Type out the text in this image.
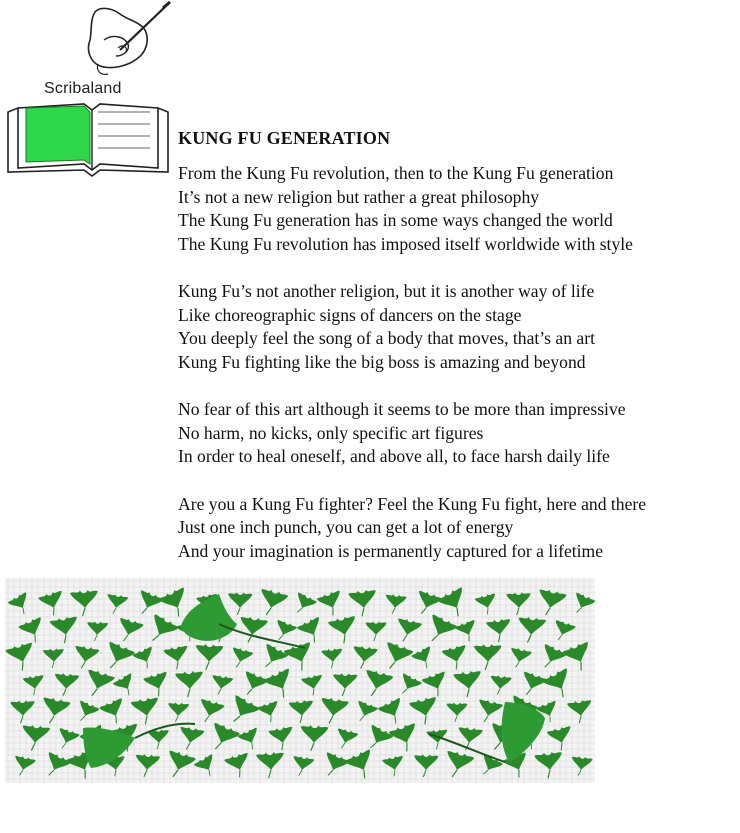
Scribaland
KUNG FU GENERATION
From the Kung Fu revolution, then to the Kung Fu generation
It’s not a new religion but rather a great philosophy
The Kung Fu generation has in some ways changed the world
The Kung Fu revolution has imposed itself worldwide with style
Kung Fu’s not another religion, but it is another way of life
Like choreographic signs of dancers on the stage
You deeply feel the song of a body that moves, that’s an art
Kung Fu fighting like the big boss is amazing and beyond
No fear of this art although it seems to be more than impressive
No harm, no kicks, only specific art figures
In order to heal oneself, and above all, to face harsh daily life
Are you a Kung Fu fighter? Feel the Kung Fu fight, here and there
Just one inch punch, you can get a lot of energy
And your imagination is permanently captured for a lifetime
